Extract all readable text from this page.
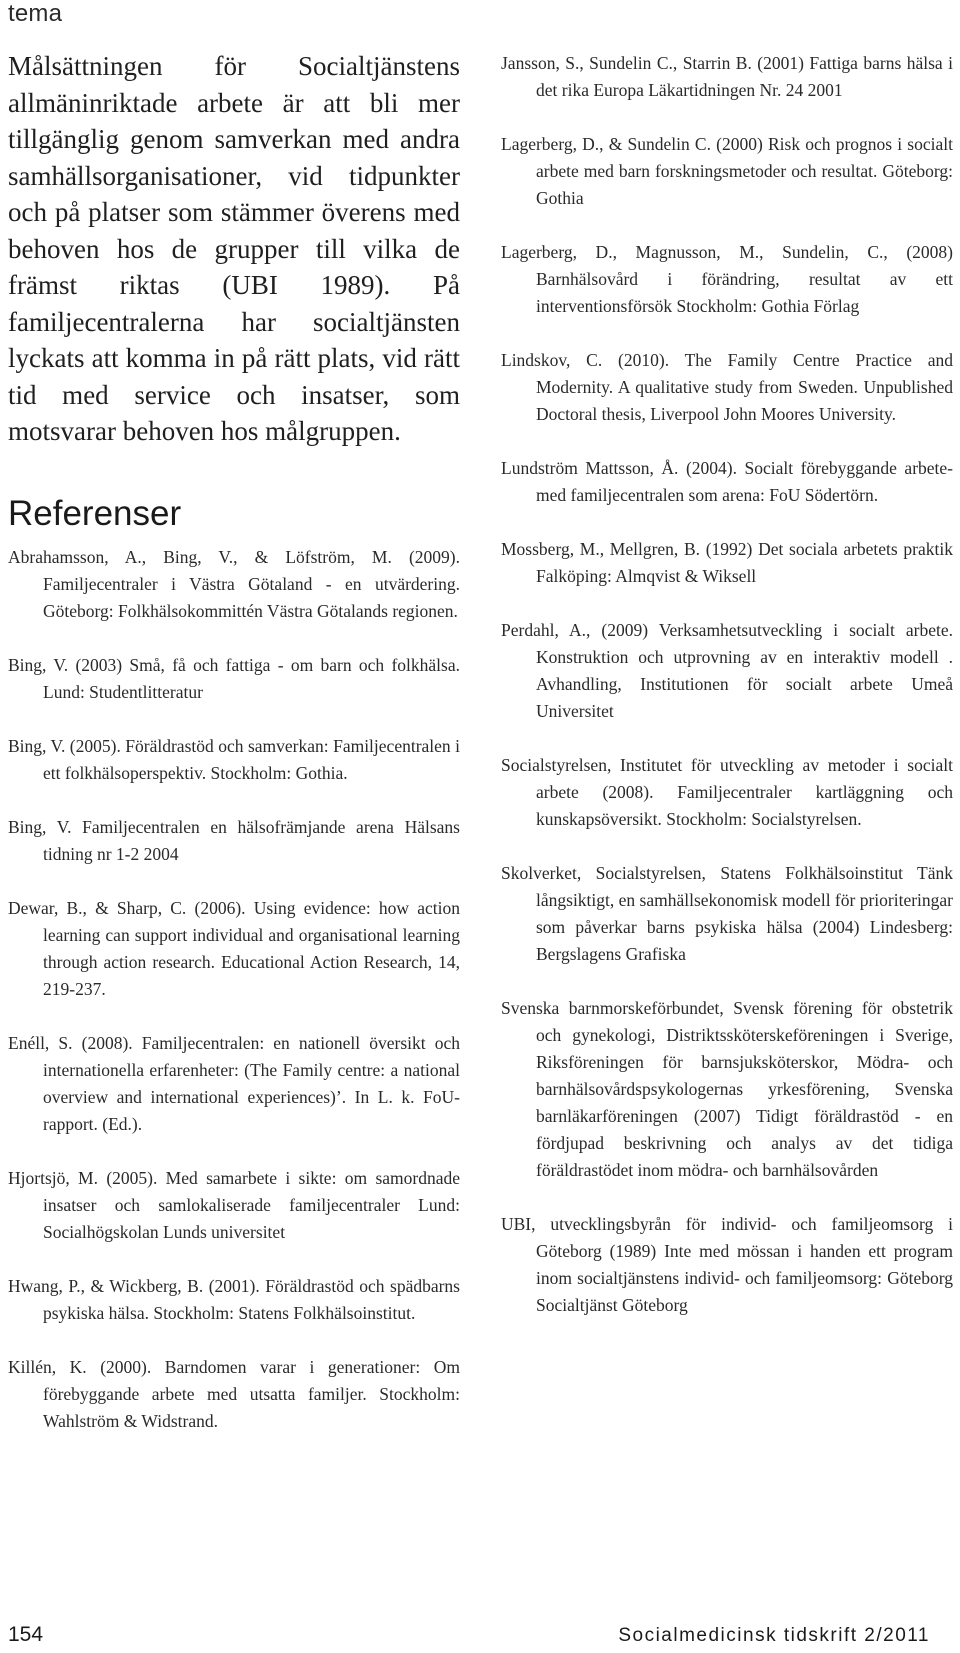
tema

Målsättningen för Socialtjänstens allmäninriktade arbete är att bli mer tillgänglig genom samverkan med andra samhällsorganisationer, vid tidpunkter och på platser som stämmer överens med behoven hos de grupper till vilka de främst riktas (UBI 1989). På familjecentralerna har socialtjänsten lyckats att komma in på rätt plats, vid rätt tid med service och insatser, som motsvarar behoven hos målgruppen.

Referenser
Abrahamsson, A., Bing, V., & Löfström, M. (2009). Familjecentraler i Västra Götaland - en utvärdering. Göteborg: Folkhälsokommittén Västra Götalands regionen.
Bing, V. (2003) Små, få och fattiga - om barn och folkhälsa. Lund: Studentlitteratur
Bing, V. (2005). Föräldrastöd och samverkan: Familjecentralen i ett folkhälsoperspektiv. Stockholm: Gothia.
Bing, V. Familjecentralen en hälsofrämjande arena Hälsans tidning nr 1-2 2004
Dewar, B., & Sharp, C. (2006). Using evidence: how action learning can support individual and organisational learning through action research. Educational Action Research, 14, 219-237.
Enéll, S. (2008). Familjecentralen: en nationell översikt och internationella erfarenheter: (The Family centre: a national overview and international experiences)’. In L. k. FoU-rapport. (Ed.).
Hjortsjö, M. (2005). Med samarbete i sikte: om samordnade insatser och samlokaliserade familjecentraler Lund: Socialhögskolan Lunds universitet
Hwang, P., & Wickberg, B. (2001). Föräldrastöd och spädbarns psykiska hälsa. Stockholm: Statens Folkhälsoinstitut.
Killén, K. (2000). Barndomen varar i generationer: Om förebyggande arbete med utsatta familjer. Stockholm: Wahlström & Widstrand.
Jansson, S., Sundelin C., Starrin B. (2001) Fattiga barns hälsa i det rika Europa Läkartidningen Nr. 24 2001
Lagerberg, D., & Sundelin C. (2000) Risk och prognos i socialt arbete med barn forskningsmetoder och resultat. Göteborg: Gothia
Lagerberg, D., Magnusson, M., Sundelin, C., (2008) Barnhälsovård i förändring, resultat av ett interventionsförsök Stockholm: Gothia Förlag
Lindskov, C. (2010). The Family Centre Practice and Modernity. A qualitative study from Sweden. Unpublished Doctoral thesis, Liverpool John Moores University.
Lundström Mattsson, Å. (2004). Socialt förebyggande arbete- med familjecentralen som arena: FoU Södertörn.
Mossberg, M., Mellgren, B. (1992) Det sociala arbetets praktik Falköping: Almqvist & Wiksell
Perdahl, A., (2009) Verksamhetsutveckling i socialt arbete. Konstruktion och utprovning av en interaktiv modell . Avhandling, Institutionen för socialt arbete Umeå Universitet
Socialstyrelsen, Institutet för utveckling av metoder i socialt arbete (2008). Familjecentraler kartläggning och kunskapsöversikt. Stockholm: Socialstyrelsen.
Skolverket, Socialstyrelsen, Statens Folkhälsoinstitut Tänk långsiktigt, en samhällsekonomisk modell för prioriteringar som påverkar barns psykiska hälsa (2004) Lindesberg: Bergslagens Grafiska
Svenska barnmorskeförbundet, Svensk förening för obstetrik och gynekologi, Distriktssköterskeföreningen i Sverige, Riksföreningen för barnsjuksköterskor, Mödra- och barnhälsovårdspsykologernas yrkesförening, Svenska barnläkarföreningen (2007) Tidigt föräldrastöd - en fördjupad beskrivning och analys av det tidiga föräldrastödet inom mödra- och barnhälsovården
UBI, utvecklingsbyrån för individ- och familjeomsorg i Göteborg (1989) Inte med mössan i handen ett program inom socialtjänstens individ- och familjeomsorg: Göteborg Socialtjänst Göteborg
154	Socialmedicinsk tidskrift 2/2011
